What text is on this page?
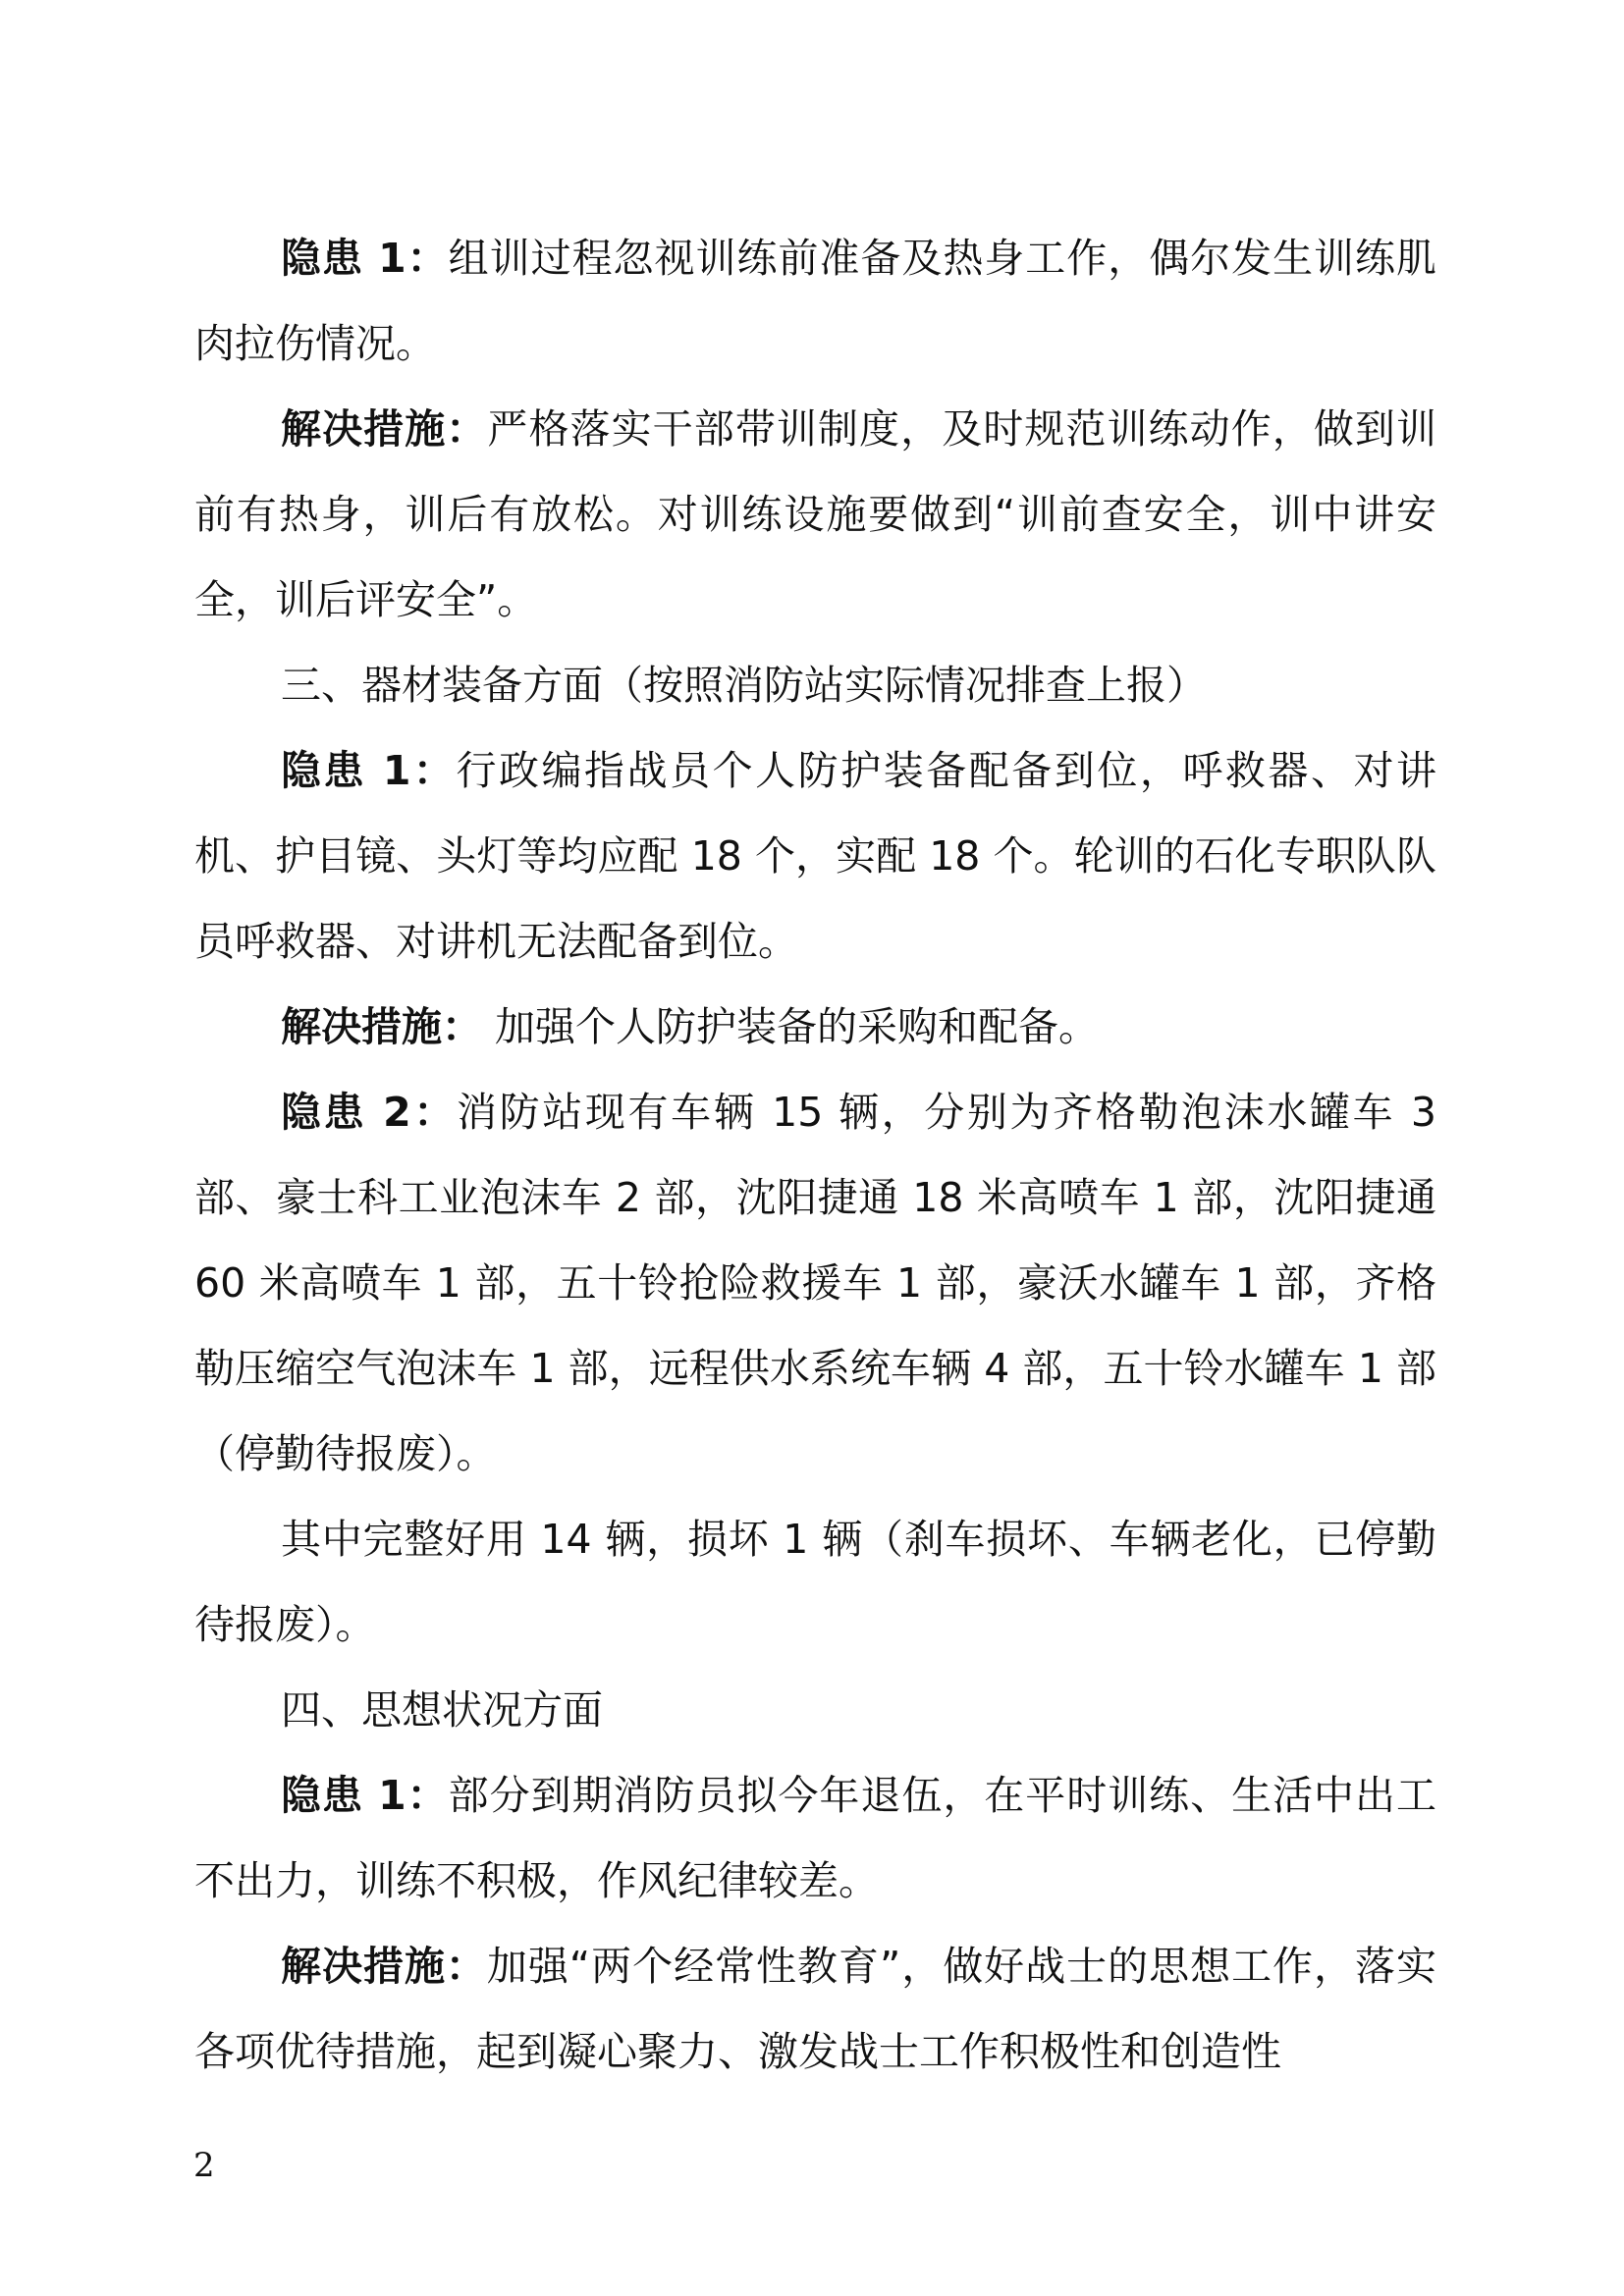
隐患 1：组训过程忽视训练前准备及热身工作，偶尔发生训练肌肉拉伤情况。

解决措施：严格落实干部带训制度，及时规范训练动作，做到训前有热身，训后有放松。对训练设施要做到“训前查安全，训中讲安全，训后评安全”。

三、器材装备方面（按照消防站实际情况排查上报）

隐患 1：行政编指战员个人防护装备配备到位，呼救器、对讲机、护目镜、头灯等均应配 18 个，实配 18 个。轮训的石化专职队队员呼救器、对讲机无法配备到位。

解决措施： 加强个人防护装备的采购和配备。

隐患 2：消防站现有车辆 15 辆，分别为齐格勒泡沫水罐车 3 部、豪士科工业泡沫车 2 部，沈阳捷通 18 米高喷车 1 部，沈阳捷通 60 米高喷车 1 部，五十铃抢险救援车 1 部，豪沃水罐车 1 部，齐格勒压缩空气泡沫车 1 部，远程供水系统车辆 4 部，五十铃水罐车 1 部（停勤待报废）。

其中完整好用 14 辆，损坏 1 辆（刹车损坏、车辆老化，已停勤待报废）。

四、思想状况方面

隐患 1：部分到期消防员拟今年退伍，在平时训练、生活中出工不出力，训练不积极，作风纪律较差。

解决措施：加强“两个经常性教育”，做好战士的思想工作，落实各项优待措施，起到凝心聚力、激发战士工作积极性和创造性

2
